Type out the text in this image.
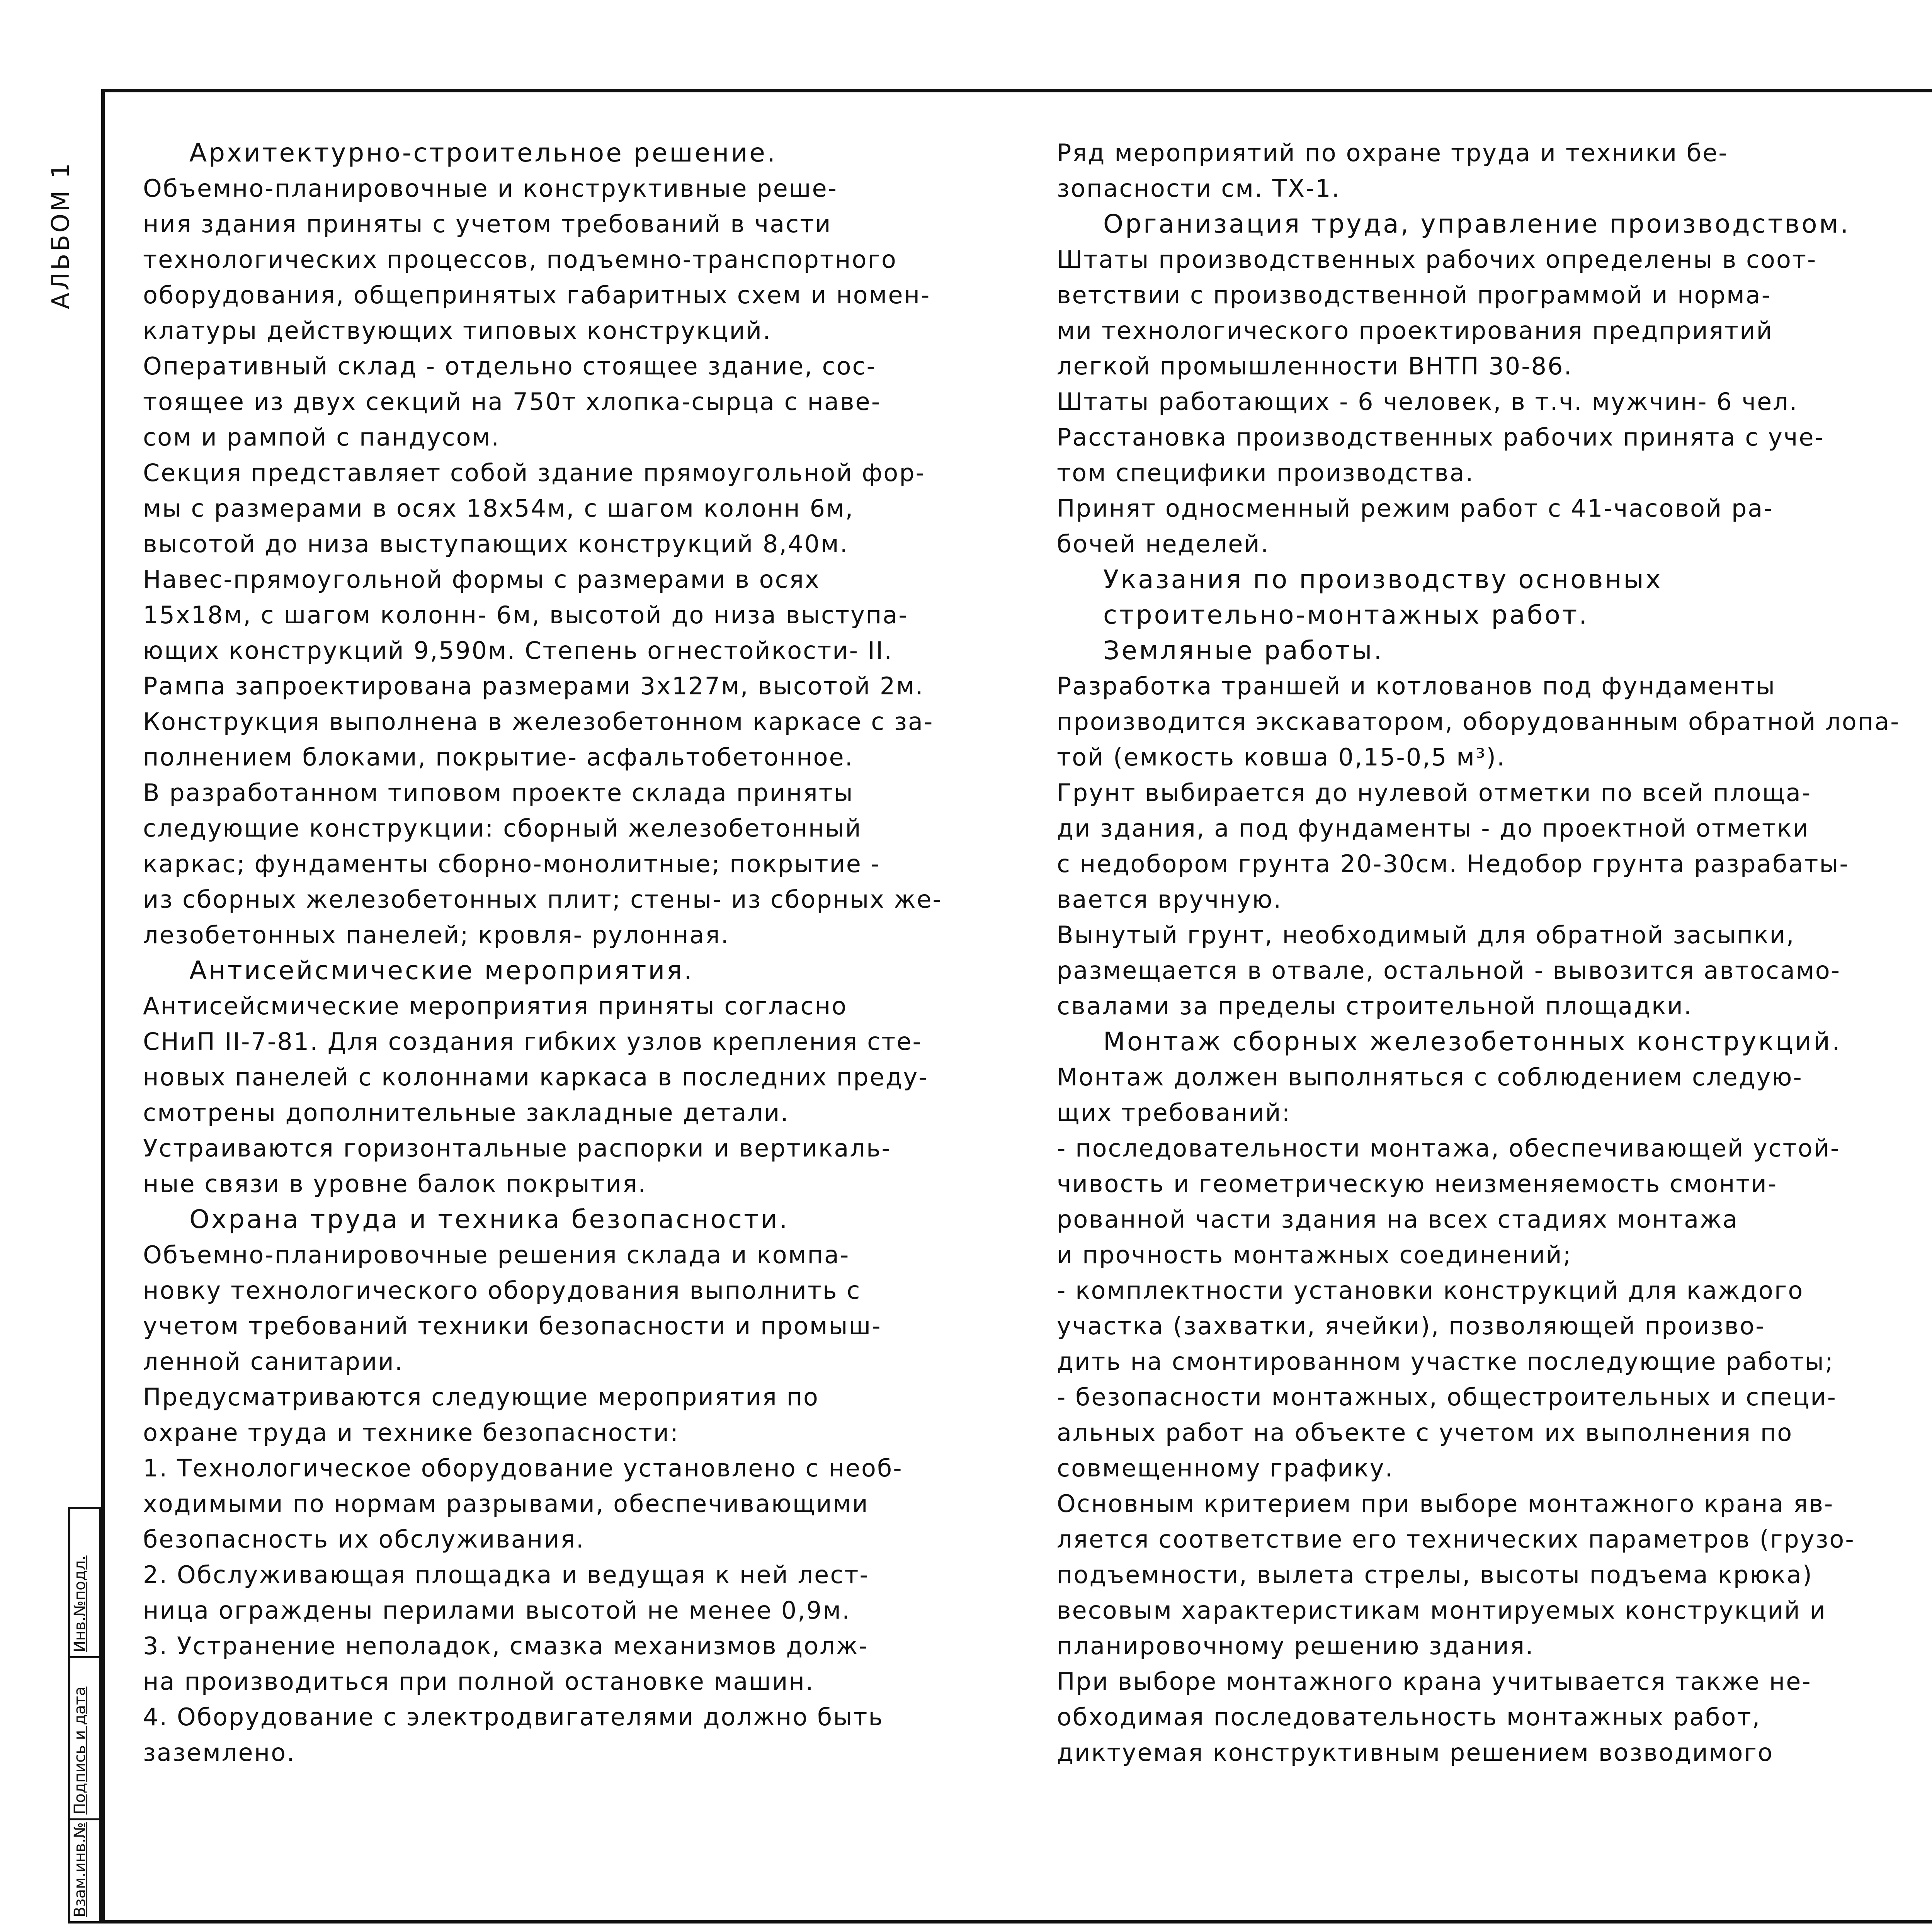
АЛЬБОМ 1
Инв.№подл.
Подпись и дата
Взам.инв.№

Архитектурно-строительное решение.

Объемно-планировочные и конструктивные реше-

ния здания приняты с учетом требований в части

технологических процессов, подъемно-транспортного

оборудования, общепринятых габаритных схем и номен-

клатуры действующих типовых конструкций.

Оперативный склад - отдельно стоящее здание, сос-

тоящее из двух секций на 750т хлопка-сырца с наве-

сом и рампой с пандусом.

Секция представляет собой здание прямоугольной фор-

мы с размерами в осях 18х54м, с шагом колонн 6м,

высотой до низа выступающих конструкций 8,40м.

Навес-прямоугольной формы с размерами в осях

15х18м, с шагом колонн- 6м, высотой до низа выступа-

ющих конструкций 9,590м. Степень огнестойкости- II.

Рампа запроектирована размерами 3х127м, высотой 2м.

Конструкция выполнена в железобетонном каркасе с за-

полнением блоками, покрытие- асфальтобетонное.

В разработанном типовом проекте склада приняты

следующие конструкции: сборный железобетонный

каркас; фундаменты сборно-монолитные; покрытие -

из сборных железобетонных плит; стены- из сборных же-

лезобетонных панелей; кровля- рулонная.

Антисейсмические мероприятия.

Антисейсмические мероприятия приняты согласно

СНиП II-7-81. Для создания гибких узлов крепления сте-

новых панелей с колоннами каркаса в последних преду-

смотрены дополнительные закладные детали.

Устраиваются горизонтальные распорки и вертикаль-

ные связи в уровне балок покрытия.

Охрана труда и техника безопасности.

Объемно-планировочные решения склада и компа-

новку технологического оборудования выполнить с

учетом требований техники безопасности и промыш-

ленной санитарии.

Предусматриваются следующие мероприятия по

охране труда и технике безопасности:

1. Технологическое оборудование установлено с необ-

ходимыми по нормам разрывами, обеспечивающими

безопасность их обслуживания.

2. Обслуживающая площадка и ведущая к ней лест-

ница ограждены перилами высотой не менее 0,9м.

3. Устранение неполадок, смазка механизмов долж-

на производиться при полной остановке машин.

4. Оборудование с электродвигателями должно быть

заземлено.

Ряд мероприятий по охране труда и техники бе-

зопасности см. ТХ-1.

Организация труда, управление производством.

Штаты производственных рабочих определены в соот-

ветствии с производственной программой и норма-

ми технологического проектирования предприятий

легкой промышленности ВНТП 30-86.

Штаты работающих - 6 человек, в т.ч. мужчин- 6 чел.

Расстановка производственных рабочих принята с уче-

том специфики производства.

Принят односменный режим работ с 41-часовой ра-

бочей неделей.

Указания по производству основных

строительно-монтажных работ.

Земляные работы.

Разработка траншей и котлованов под фундаменты

производится экскаватором, оборудованным обратной лопа-

той (емкость ковша 0,15-0,5 м³).

Грунт выбирается до нулевой отметки по всей площа-

ди здания, а под фундаменты - до проектной отметки

с недобором грунта 20-30см. Недобор грунта разрабаты-

вается вручную.

Вынутый грунт, необходимый для обратной засыпки,

размещается в отвале, остальной - вывозится автосамо-

свалами за пределы строительной площадки.

Монтаж сборных железобетонных конструкций.

Монтаж должен выполняться с соблюдением следую-

щих требований:

- последовательности монтажа, обеспечивающей устой-

чивость и геометрическую неизменяемость смонти-

рованной части здания на всех стадиях монтажа

и прочность монтажных соединений;

- комплектности установки конструкций для каждого

участка (захватки, ячейки), позволяющей произво-

дить на смонтированном участке последующие работы;

- безопасности монтажных, общестроительных и специ-

альных работ на объекте с учетом их выполнения по

совмещенному графику.

Основным критерием при выборе монтажного крана яв-

ляется соответствие его технических параметров (грузо-

подъемности, вылета стрелы, высоты подъема крюка)

весовым характеристикам монтируемых конструкций и

планировочному решению здания.

При выборе монтажного крана учитывается также не-

обходимая последовательность монтажных работ,

диктуемая конструктивным решением возводимого
